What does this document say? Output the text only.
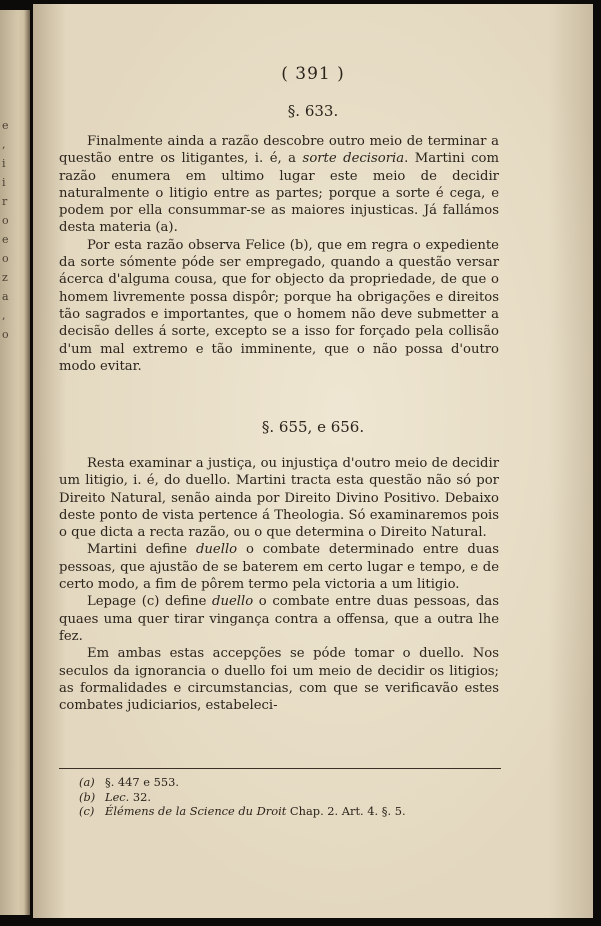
e
,
i
i
r
o
e
o
z
a
,
o
( 391 )
§. 633.

Finalmente ainda a razão descobre outro meio de terminar a questão entre os litigantes, i. é, a sorte decisoria. Martini com razão enumera em ultimo lugar este meio de decidir naturalmente o litigio entre as partes; porque a sorte é cega, e podem por ella consummar-se as maiores injusticas. Já fallámos desta materia (a).

Por esta razão observa Felice (b), que em regra o expediente da sorte sómente póde ser empregado, quando a questão versar ácerca d'alguma cousa, que for objecto da propriedade, de que o homem livremente possa dispôr; porque ha obrigações e direitos tão sagrados e importantes, que o homem não deve submetter a decisão delles á sorte, excepto se a isso for forçado pela collisão d'um mal extremo e tão imminente, que o não possa d'outro modo evitar.

§. 655, e 656.

Resta examinar a justiça, ou injustiça d'outro meio de decidir um litigio, i. é, do duello. Martini tracta esta questão não só por Direito Natural, senão ainda por Direito Divino Positivo. Debaixo deste ponto de vista pertence á Theologia. Só examinaremos pois o que dicta a recta razão, ou o que determina o Direito Natural.

Martini define duello o combate determinado entre duas pessoas, que ajustão de se baterem em certo lugar e tempo, e de certo modo, a fim de pôrem termo pela victoria a um litigio.

Lepage (c) define duello o combate entre duas pessoas, das quaes uma quer tirar vingança contra a offensa, que a outra lhe fez.

Em ambas estas accepções se póde tomar o duello. Nos seculos da ignorancia o duello foi um meio de decidir os litigios; as formalidades e circumstancias, com que se verificavão estes combates judiciarios, estabeleci-

(a) §. 447 e 553.
(b) Lec. 32.
(c) Élémens de la Science du Droit Chap. 2. Art. 4. §. 5.
